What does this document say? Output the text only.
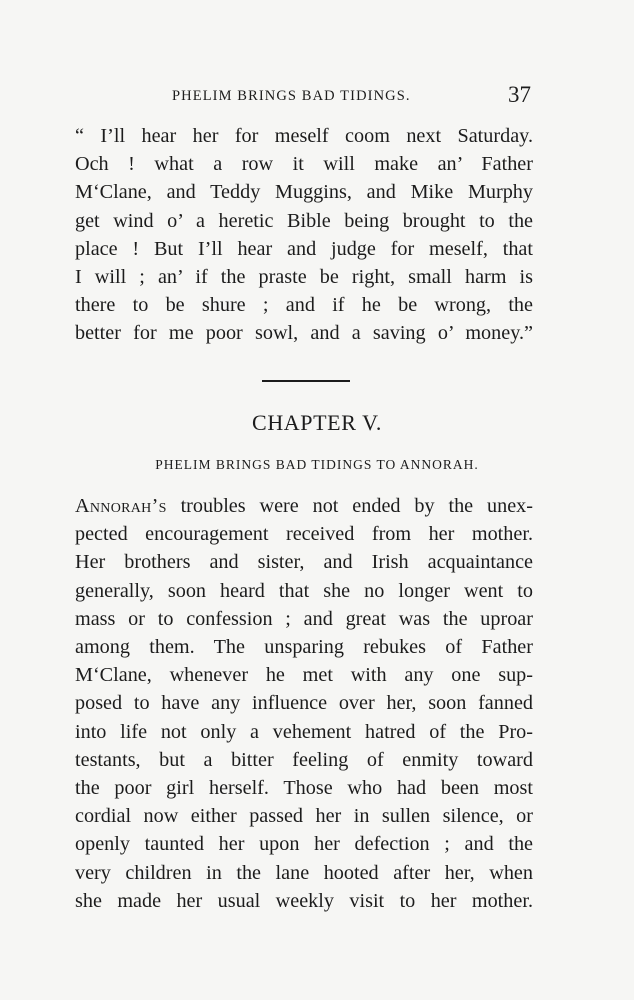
PHELIM BRINGS BAD TIDINGS.	37
“ I’ll hear her for meself coom next Saturday.
Och ! what a row it will make an’ Father
M‘Clane, and Teddy Muggins, and Mike Murphy
get wind o’ a heretic Bible being brought to the
place ! But I’ll hear and judge for meself, that
I will ; an’ if the praste be right, small harm is
there to be shure ; and if he be wrong, the
better for me poor sowl, and a saving o’ money.”
CHAPTER V.
PHELIM BRINGS BAD TIDINGS TO ANNORAH.
Annorah’s troubles were not ended by the unex-
pected encouragement received from her mother.
Her brothers and sister, and Irish acquaintance
generally, soon heard that she no longer went to
mass or to confession ; and great was the uproar
among them. The unsparing rebukes of Father
M‘Clane, whenever he met with any one sup-
posed to have any influence over her, soon fanned
into life not only a vehement hatred of the Pro-
testants, but a bitter feeling of enmity toward
the poor girl herself. Those who had been most
cordial now either passed her in sullen silence, or
openly taunted her upon her defection ; and the
very children in the lane hooted after her, when
she made her usual weekly visit to her mother.
